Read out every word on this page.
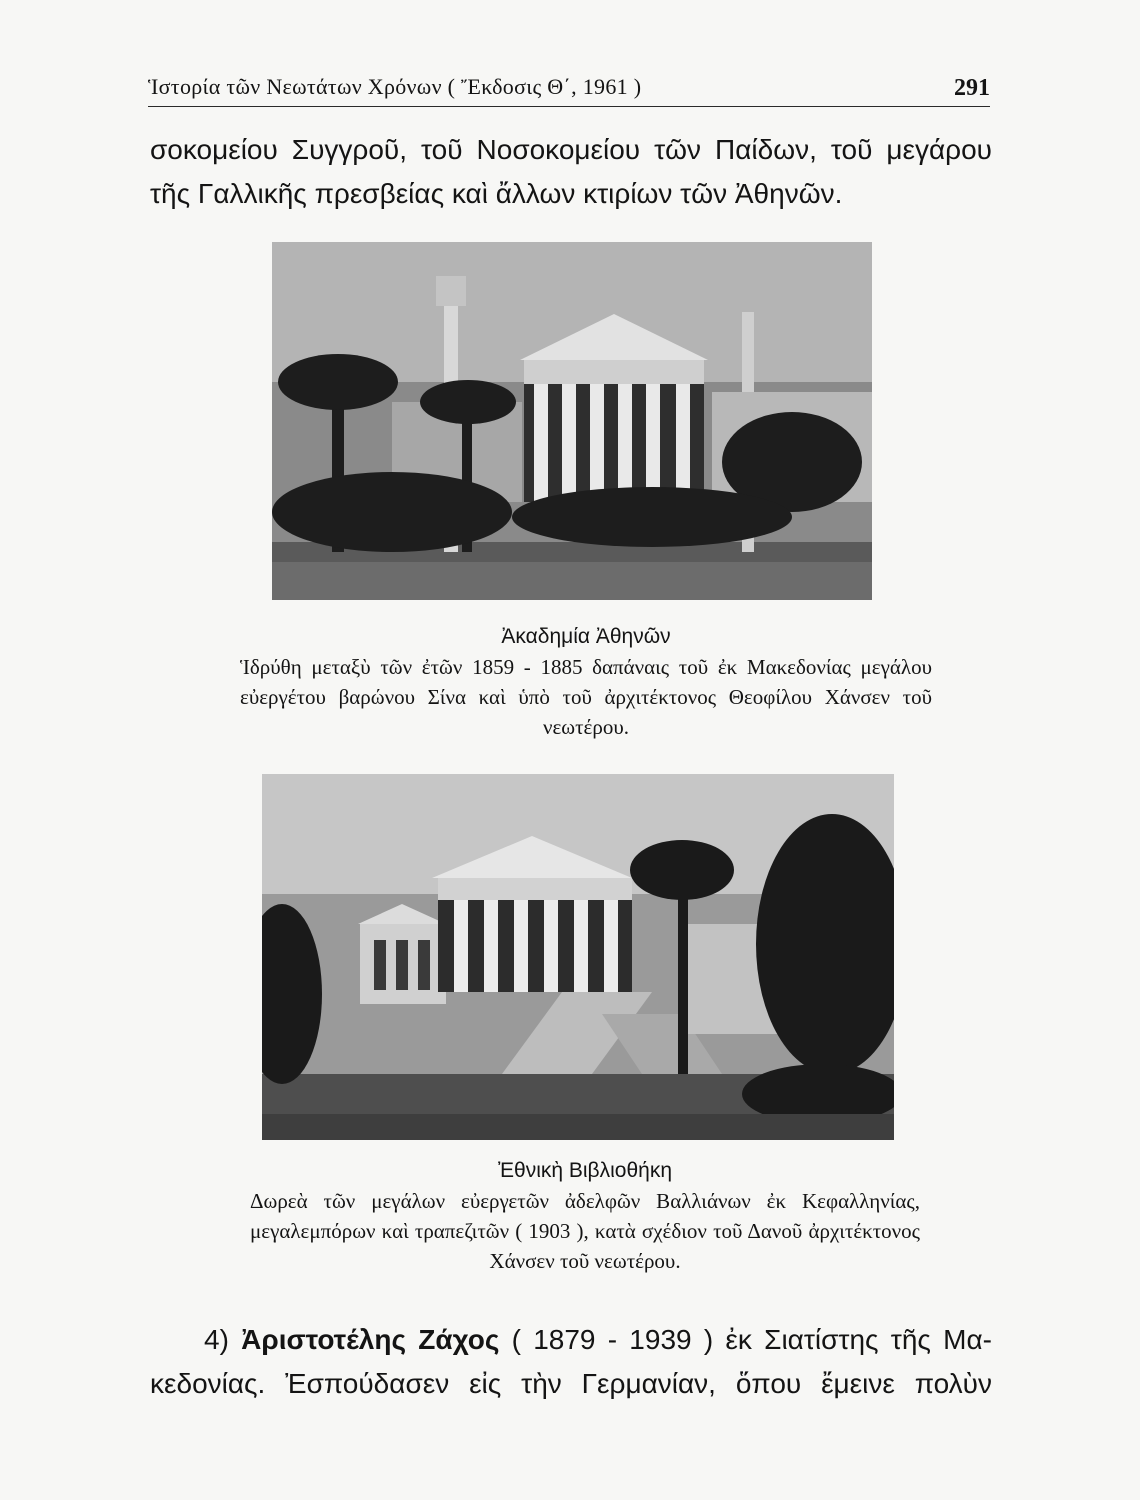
Ἱστορία τῶν Νεωτάτων Χρόνων ( Ἔκδοσις Θ΄, 1961 )	291
σοκομείου Συγγροῦ, τοῦ Νοσοκομείου τῶν Παίδων, τοῦ μεγάρου
τῆς Γαλλικῆς πρεσβείας καὶ ἄλλων κτιρίων τῶν Ἀθηνῶν.
Ἀκαδημία Ἀθηνῶν
Ἱδρύθη μεταξὺ τῶν ἐτῶν 1859 - 1885 δαπάναις τοῦ ἐκ Μακεδονίας μεγάλου εὐεργέτου βαρώνου Σίνα καὶ ὑπὸ τοῦ ἀρχιτέκτονος Θεοφίλου Χάνσεν τοῦ νεωτέρου.
Ἐθνικὴ Βιβλιοθήκη
Δωρεὰ τῶν μεγάλων εὐεργετῶν ἀδελφῶν Βαλλιάνων ἐκ Κεφαλληνίας, μεγαλεμπόρων καὶ τραπεζιτῶν ( 1903 ), κατὰ σχέδιον τοῦ Δανοῦ ἀρχιτέκτονος Χάνσεν τοῦ νεωτέρου.
4) Ἀριστοτέλης Ζάχος ( 1879 - 1939 ) ἐκ Σιατίστης τῆς Μα-
κεδονίας. Ἐσπούδασεν εἰς τὴν Γερμανίαν, ὅπου ἔμεινε πολὺν
